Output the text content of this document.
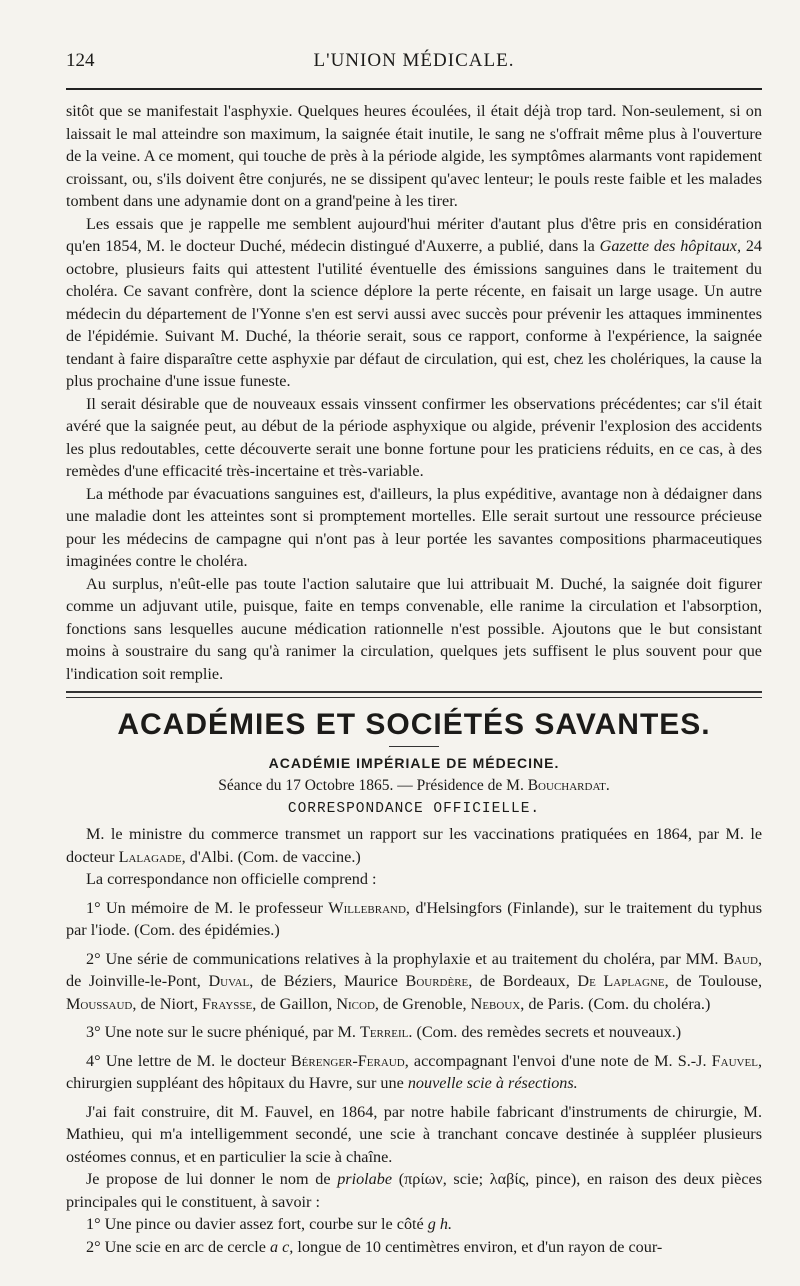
124	L'UNION MÉDICALE.

sitôt que se manifestait l'asphyxie. Quelques heures écoulées, il était déjà trop tard. Non-seulement, si on laissait le mal atteindre son maximum, la saignée était inutile, le sang ne s'offrait même plus à l'ouverture de la veine. A ce moment, qui touche de près à la période algide, les symptômes alarmants vont rapidement croissant, ou, s'ils doivent être conjurés, ne se dissipent qu'avec lenteur; le pouls reste faible et les malades tombent dans une adynamie dont on a grand'peine à les tirer.

Les essais que je rappelle me semblent aujourd'hui mériter d'autant plus d'être pris en considération qu'en 1854, M. le docteur Duché, médecin distingué d'Auxerre, a publié, dans la Gazette des hôpitaux, 24 octobre, plusieurs faits qui attestent l'utilité éventuelle des émissions sanguines dans le traitement du choléra. Ce savant confrère, dont la science déplore la perte récente, en faisait un large usage. Un autre médecin du département de l'Yonne s'en est servi aussi avec succès pour prévenir les attaques imminentes de l'épidémie. Suivant M. Duché, la théorie serait, sous ce rapport, conforme à l'expérience, la saignée tendant à faire disparaître cette asphyxie par défaut de circulation, qui est, chez les cholériques, la cause la plus prochaine d'une issue funeste.

Il serait désirable que de nouveaux essais vinssent confirmer les observations précédentes; car s'il était avéré que la saignée peut, au début de la période asphyxique ou algide, prévenir l'explosion des accidents les plus redoutables, cette découverte serait une bonne fortune pour les praticiens réduits, en ce cas, à des remèdes d'une efficacité très-incertaine et très-variable.

La méthode par évacuations sanguines est, d'ailleurs, la plus expéditive, avantage non à dédaigner dans une maladie dont les atteintes sont si promptement mortelles. Elle serait surtout une ressource précieuse pour les médecins de campagne qui n'ont pas à leur portée les savantes compositions pharmaceutiques imaginées contre le choléra.

Au surplus, n'eût-elle pas toute l'action salutaire que lui attribuait M. Duché, la saignée doit figurer comme un adjuvant utile, puisque, faite en temps convenable, elle ranime la circulation et l'absorption, fonctions sans lesquelles aucune médication rationnelle n'est possible. Ajoutons que le but consistant moins à soustraire du sang qu'à ranimer la circulation, quelques jets suffisent le plus souvent pour que l'indication soit remplie.

ACADÉMIES ET SOCIÉTÉS SAVANTES.
ACADÉMIE IMPÉRIALE DE MÉDECINE.
Séance du 17 Octobre 1865. — Présidence de M. Bouchardat.
CORRESPONDANCE OFFICIELLE.

M. le ministre du commerce transmet un rapport sur les vaccinations pratiquées en 1864, par M. le docteur Lalagade, d'Albi. (Com. de vaccine.)

La correspondance non officielle comprend :

1° Un mémoire de M. le professeur Willebrand, d'Helsingfors (Finlande), sur le traitement du typhus par l'iode. (Com. des épidémies.)

2° Une série de communications relatives à la prophylaxie et au traitement du choléra, par MM. Baud, de Joinville-le-Pont, Duval, de Béziers, Maurice Bourdère, de Bordeaux, De Laplagne, de Toulouse, Moussaud, de Niort, Fraysse, de Gaillon, Nicod, de Grenoble, Neboux, de Paris. (Com. du choléra.)

3° Une note sur le sucre phéniqué, par M. Terreil. (Com. des remèdes secrets et nouveaux.)

4° Une lettre de M. le docteur Bérenger-Feraud, accompagnant l'envoi d'une note de M. S.-J. Fauvel, chirurgien suppléant des hôpitaux du Havre, sur une nouvelle scie à résections.

J'ai fait construire, dit M. Fauvel, en 1864, par notre habile fabricant d'instruments de chirurgie, M. Mathieu, qui m'a intelligemment secondé, une scie à tranchant concave destinée à suppléer plusieurs ostéomes connus, et en particulier la scie à chaîne.

Je propose de lui donner le nom de priolabe (πρίων, scie; λαβίς, pince), en raison des deux pièces principales qui le constituent, à savoir :

1° Une pince ou davier assez fort, courbe sur le côté g h.

2° Une scie en arc de cercle a c, longue de 10 centimètres environ, et d'un rayon de cour-
